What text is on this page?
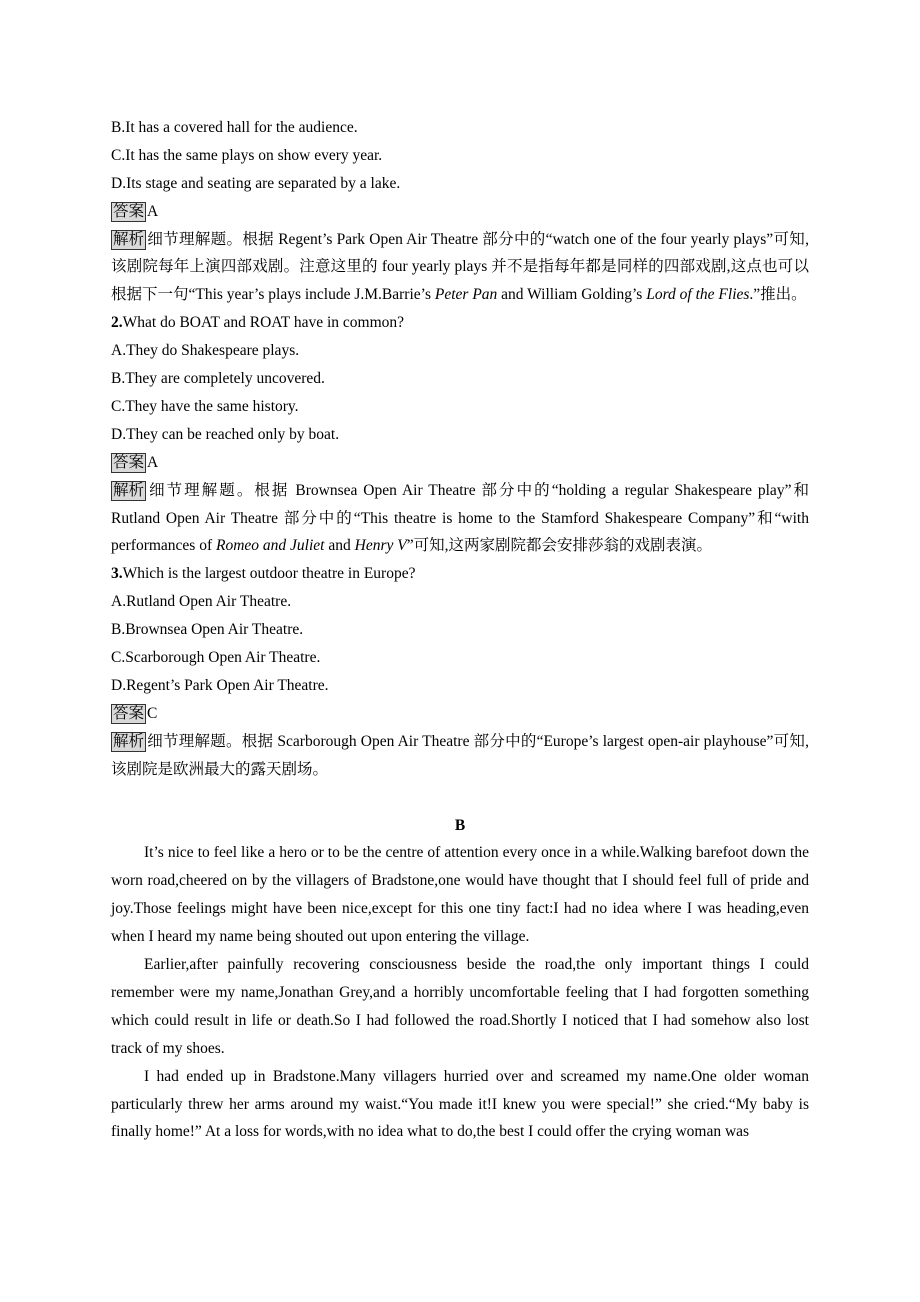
B.It has a covered hall for the audience.
C.It has the same plays on show every year.
D.Its stage and seating are separated by a lake.
答案 A
解析 细节理解题。根据 Regent’s Park Open Air Theatre 部分中的“watch one of the four yearly plays”可知,该剧院每年上演四部戏剧。注意这里的 four yearly plays 并不是指每年都是同样的四部戏剧,这点也可以根据下一句“This year’s plays include J.M.Barrie’s Peter Pan and William Golding’s Lord of the Flies.”推出。
2.What do BOAT and ROAT have in common?
A.They do Shakespeare plays.
B.They are completely uncovered.
C.They have the same history.
D.They can be reached only by boat.
答案 A
解析 细节理解题。根据 Brownsea Open Air Theatre 部分中的“holding a regular Shakespeare play”和 Rutland Open Air Theatre 部分中的“This theatre is home to the Stamford Shakespeare Company”和“with performances of Romeo and Juliet and Henry V”可知,这两家剧院都会安排莎翁的戏剧表演。
3.Which is the largest outdoor theatre in Europe?
A.Rutland Open Air Theatre.
B.Brownsea Open Air Theatre.
C.Scarborough Open Air Theatre.
D.Regent’s Park Open Air Theatre.
答案 C
解析 细节理解题。根据 Scarborough Open Air Theatre 部分中的“Europe’s largest open-air playhouse”可知,该剧院是欧洲最大的露天剧场。
B

It’s nice to feel like a hero or to be the centre of attention every once in a while.Walking barefoot down the worn road,cheered on by the villagers of Bradstone,one would have thought that I should feel full of pride and joy.Those feelings might have been nice,except for this one tiny fact:I had no idea where I was heading,even when I heard my name being shouted out upon entering the village.

Earlier,after painfully recovering consciousness beside the road,the only important things I could remember were my name,Jonathan Grey,and a horribly uncomfortable feeling that I had forgotten something which could result in life or death.So I had followed the road.Shortly I noticed that I had somehow also lost track of my shoes.

I had ended up in Bradstone.Many villagers hurried over and screamed my name.One older woman particularly threw her arms around my waist.“You made it!I knew you were special!” she cried.“My baby is finally home!” At a loss for words,with no idea what to do,the best I could offer the crying woman was
